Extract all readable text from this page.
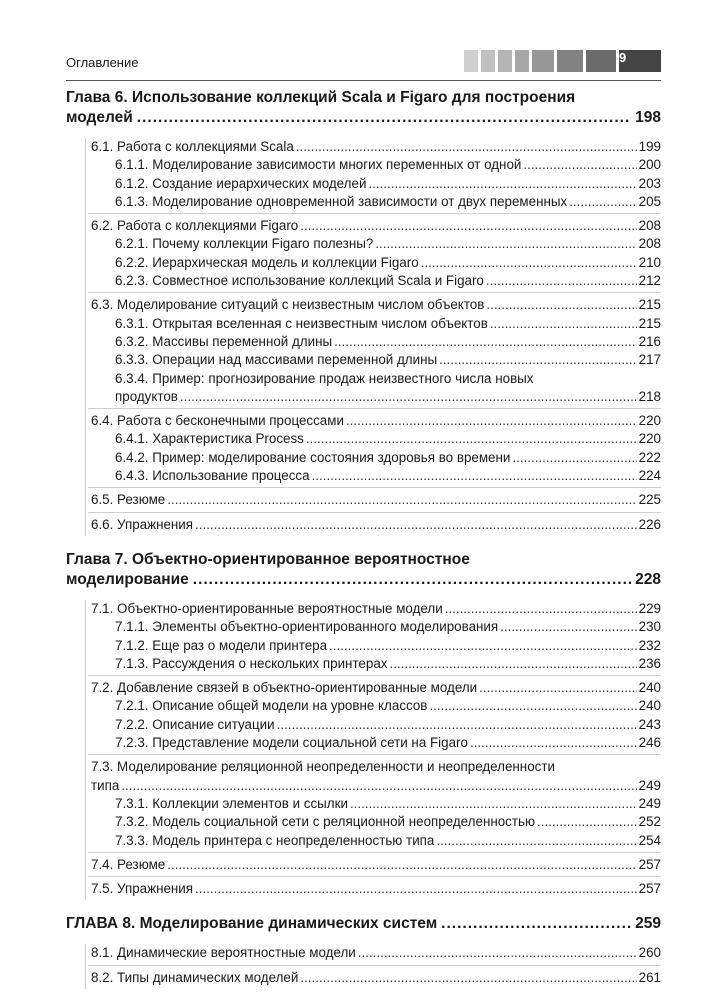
Оглавление	9
Глава 6. Использование коллекций Scala и Figaro для построения
моделей .....	198
6.1. Работа с коллекциями Scala .....	199
6.1.1. Моделирование зависимости многих переменных от одной .....	200
6.1.2. Создание иерархических моделей .....	203
6.1.3. Моделирование одновременной зависимости от двух переменных .....	205
6.2. Работа с коллекциями Figaro .....	208
6.2.1. Почему коллекции Figaro полезны? .....	208
6.2.2. Иерархическая модель и коллекции Figaro .....	210
6.2.3. Совместное использование коллекций Scala и Figaro .....	212
6.3. Моделирование ситуаций с неизвестным числом объектов .....	215
6.3.1. Открытая вселенная с неизвестным числом объектов .....	215
6.3.2. Массивы переменной длины .....	216
6.3.3. Операции над массивами переменной длины .....	217
6.3.4. Пример: прогнозирование продаж неизвестного числа новых
продуктов .....	218
6.4. Работа с бесконечными процессами .....	220
6.4.1. Характеристика Process .....	220
6.4.2. Пример: моделирование состояния здоровья во времени .....	222
6.4.3. Использование процесса .....	224
6.5. Резюме .....	225
6.6. Упражнения .....	226
Глава 7. Объектно-ориентированное вероятностное
моделирование .....	228
7.1. Объектно-ориентированные вероятностные модели .....	229
7.1.1. Элементы объектно-ориентированного моделирования .....	230
7.1.2. Еще раз о модели принтера .....	232
7.1.3. Рассуждения о нескольких принтерах .....	236
7.2. Добавление связей в объектно-ориентированные модели .....	240
7.2.1. Описание общей модели на уровне классов .....	240
7.2.2. Описание ситуации .....	243
7.2.3. Представление модели социальной сети на Figaro .....	246
7.3. Моделирование реляционной неопределенности и неопределенности
типа .....	249
7.3.1. Коллекции элементов и ссылки .....	249
7.3.2. Модель социальной сети с реляционной неопределенностью .....	252
7.3.3. Модель принтера с неопределенностью типа .....	254
7.4. Резюме .....	257
7.5. Упражнения .....	257
ГЛАВА 8. Моделирование динамических систем .....	259
8.1. Динамические вероятностные модели .....	260
8.2. Типы динамических моделей .....	261
